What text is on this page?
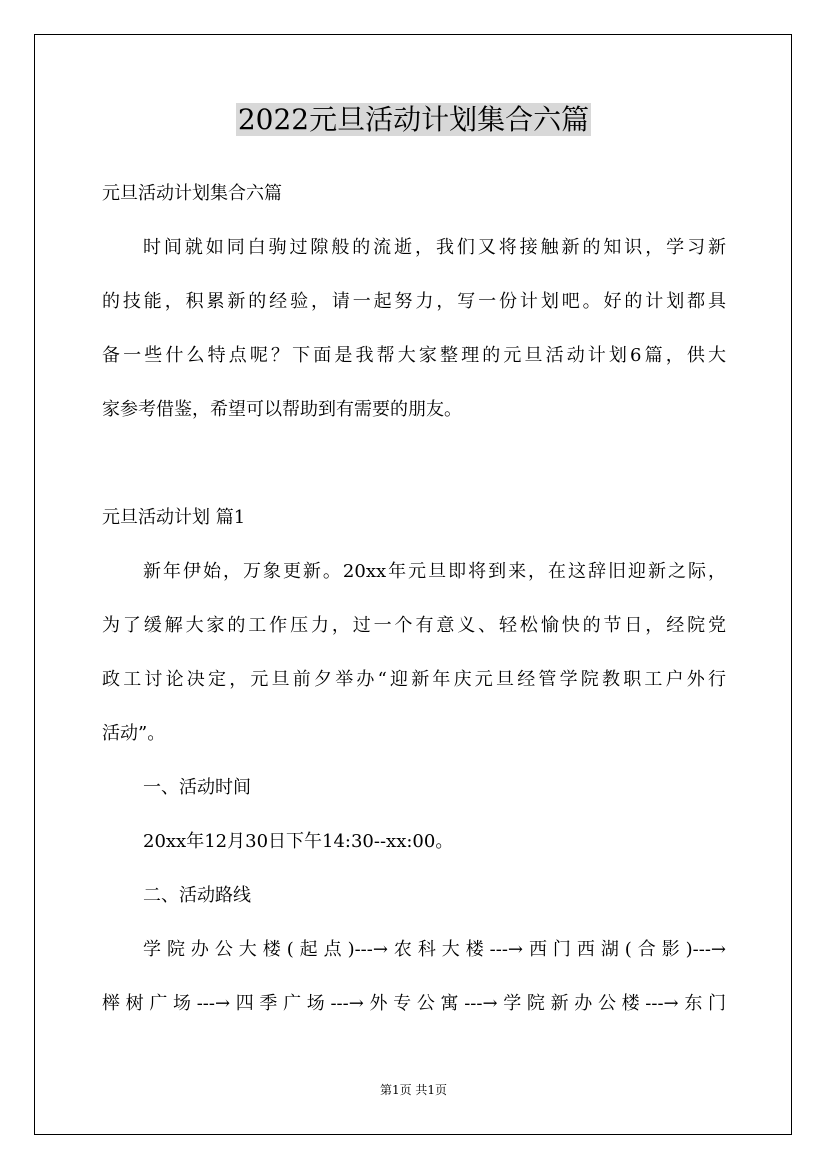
2022元旦活动计划集合六篇
元旦活动计划集合六篇
时间就如同白驹过隙般的流逝，我们又将接触新的知识，学习新
的技能，积累新的经验，请一起努力，写一份计划吧。好的计划都具
备一些什么特点呢？下面是我帮大家整理的元旦活动计划6篇，供大
家参考借鉴，希望可以帮助到有需要的朋友。
元旦活动计划 篇1
新年伊始，万象更新。20xx年元旦即将到来，在这辞旧迎新之际，
为了缓解大家的工作压力，过一个有意义、轻松愉快的节日，经院党
政工讨论决定，元旦前夕举办“迎新年庆元旦经管学院教职工户外行
活动”。
一、活动时间
20xx年12月30日下午14:30--xx:00。
二、活动路线
学院办公大楼(起点)---→农科大楼---→西门西湖(合影)---→
榉树广场---→四季广场---→外专公寓---→学院新办公楼---→东门
第1页 共1页
